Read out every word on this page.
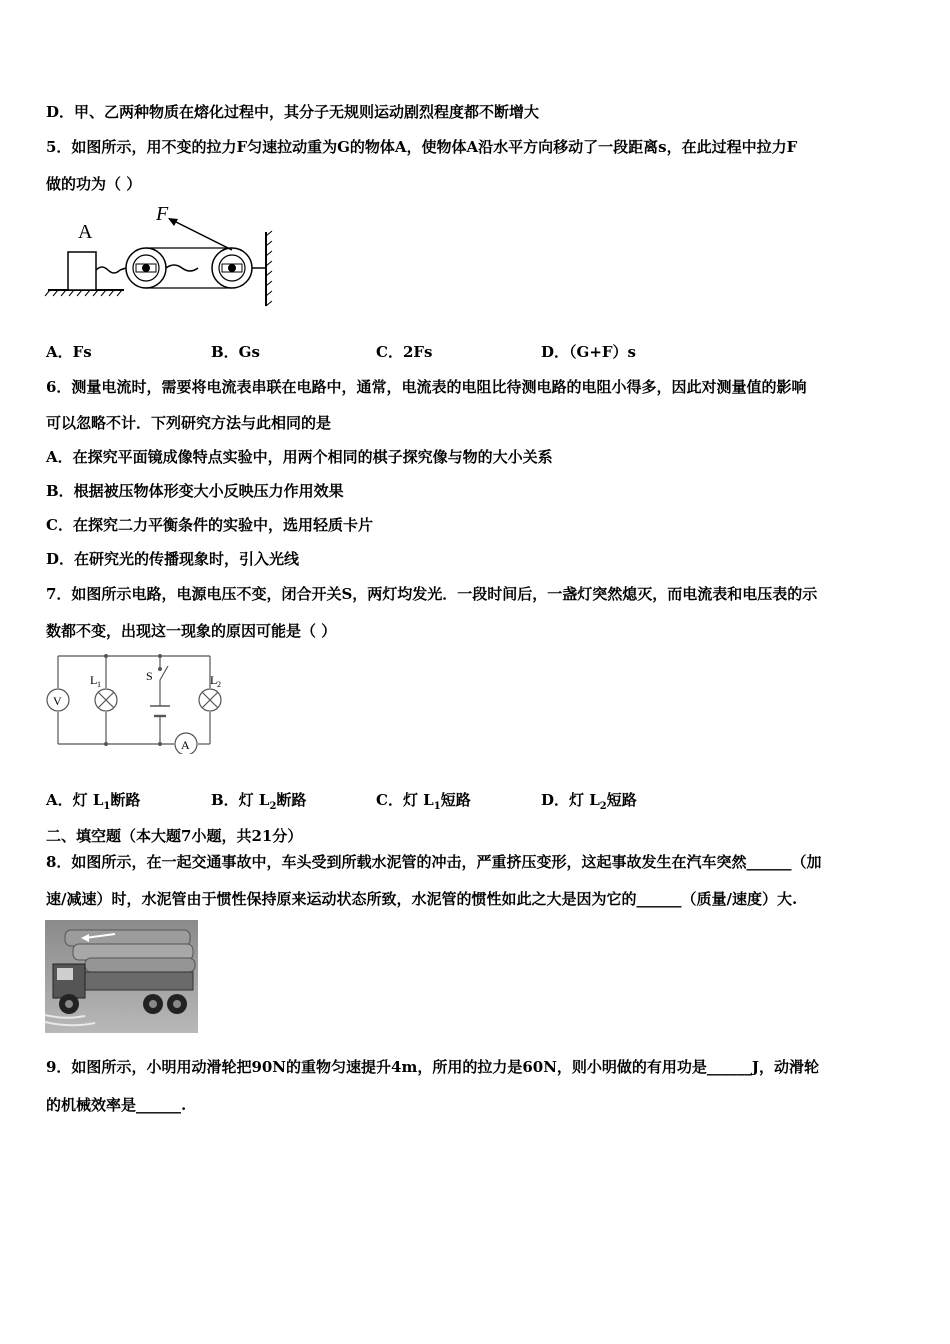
D．甲、乙两种物质在熔化过程中，其分子无规则运动剧烈程度都不断增大
5．如图所示，用不变的拉力F匀速拉动重为G的物体A，使物体A沿水平方向移动了一段距离s，在此过程中拉力F
做的功为（ ）
A
F
A．Fs	B．Gs	C．2Fs	D．（G+F）s
6．测量电流时，需要将电流表串联在电路中，通常，电流表的电阻比待测电路的电阻小得多，因此对测量值的影响
可以忽略不计．下列研究方法与此相同的是
A．在探究平面镜成像特点实验中，用两个相同的棋子探究像与物的大小关系
B．根据被压物体形变大小反映压力作用效果
C．在探究二力平衡条件的实验中，选用轻质卡片
D．在研究光的传播现象时，引入光线
7．如图所示电路，电源电压不变，闭合开关S，两灯均发光．一段时间后，一盏灯突然熄灭，而电流表和电压表的示
数都不变，出现这一现象的原因可能是（ ）
V
L 1
S	L 2
A
A．灯 $L_1$断路	B．灯 $L_2$断路	C．灯 $L_1$短路	D．灯 $L_2$短路
二、填空题（本大题7小题，共21分）
8．如图所示，在一起交通事故中，车头受到所载水泥管的冲击，严重挤压变形，这起事故发生在汽车突然______（加
速/减速）时，水泥管由于惯性保持原来运动状态所致，水泥管的惯性如此之大是因为它的______（质量/速度）大.
9．如图所示，小明用动滑轮把90N的重物匀速提升4m，所用的拉力是60N，则小明做的有用功是______J，动滑轮
的机械效率是______.
